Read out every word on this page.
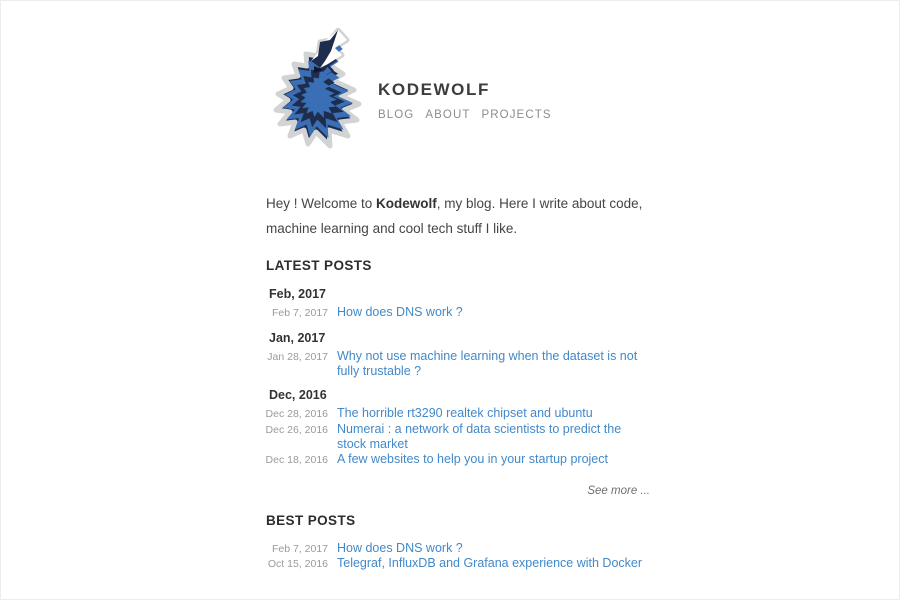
KODEWOLF
BLOG ABOUT PROJECTS

Hey ! Welcome to Kodewolf, my blog. Here I write about code, machine learning and cool tech stuff I like.

LATEST POSTS
Feb, 2017
Feb 7, 2017 How does DNS work ?
Jan, 2017
Jan 28, 2017 Why not use machine learning when the dataset is not fully trustable ?
Dec, 2016
Dec 28, 2016 The horrible rt3290 realtek chipset and ubuntu
Dec 26, 2016 Numerai : a network of data scientists to predict the stock market
Dec 18, 2016 A few websites to help you in your startup project
See more ...
BEST POSTS
Feb 7, 2017 How does DNS work ?
Oct 15, 2016 Telegraf, InfluxDB and Grafana experience with Docker
